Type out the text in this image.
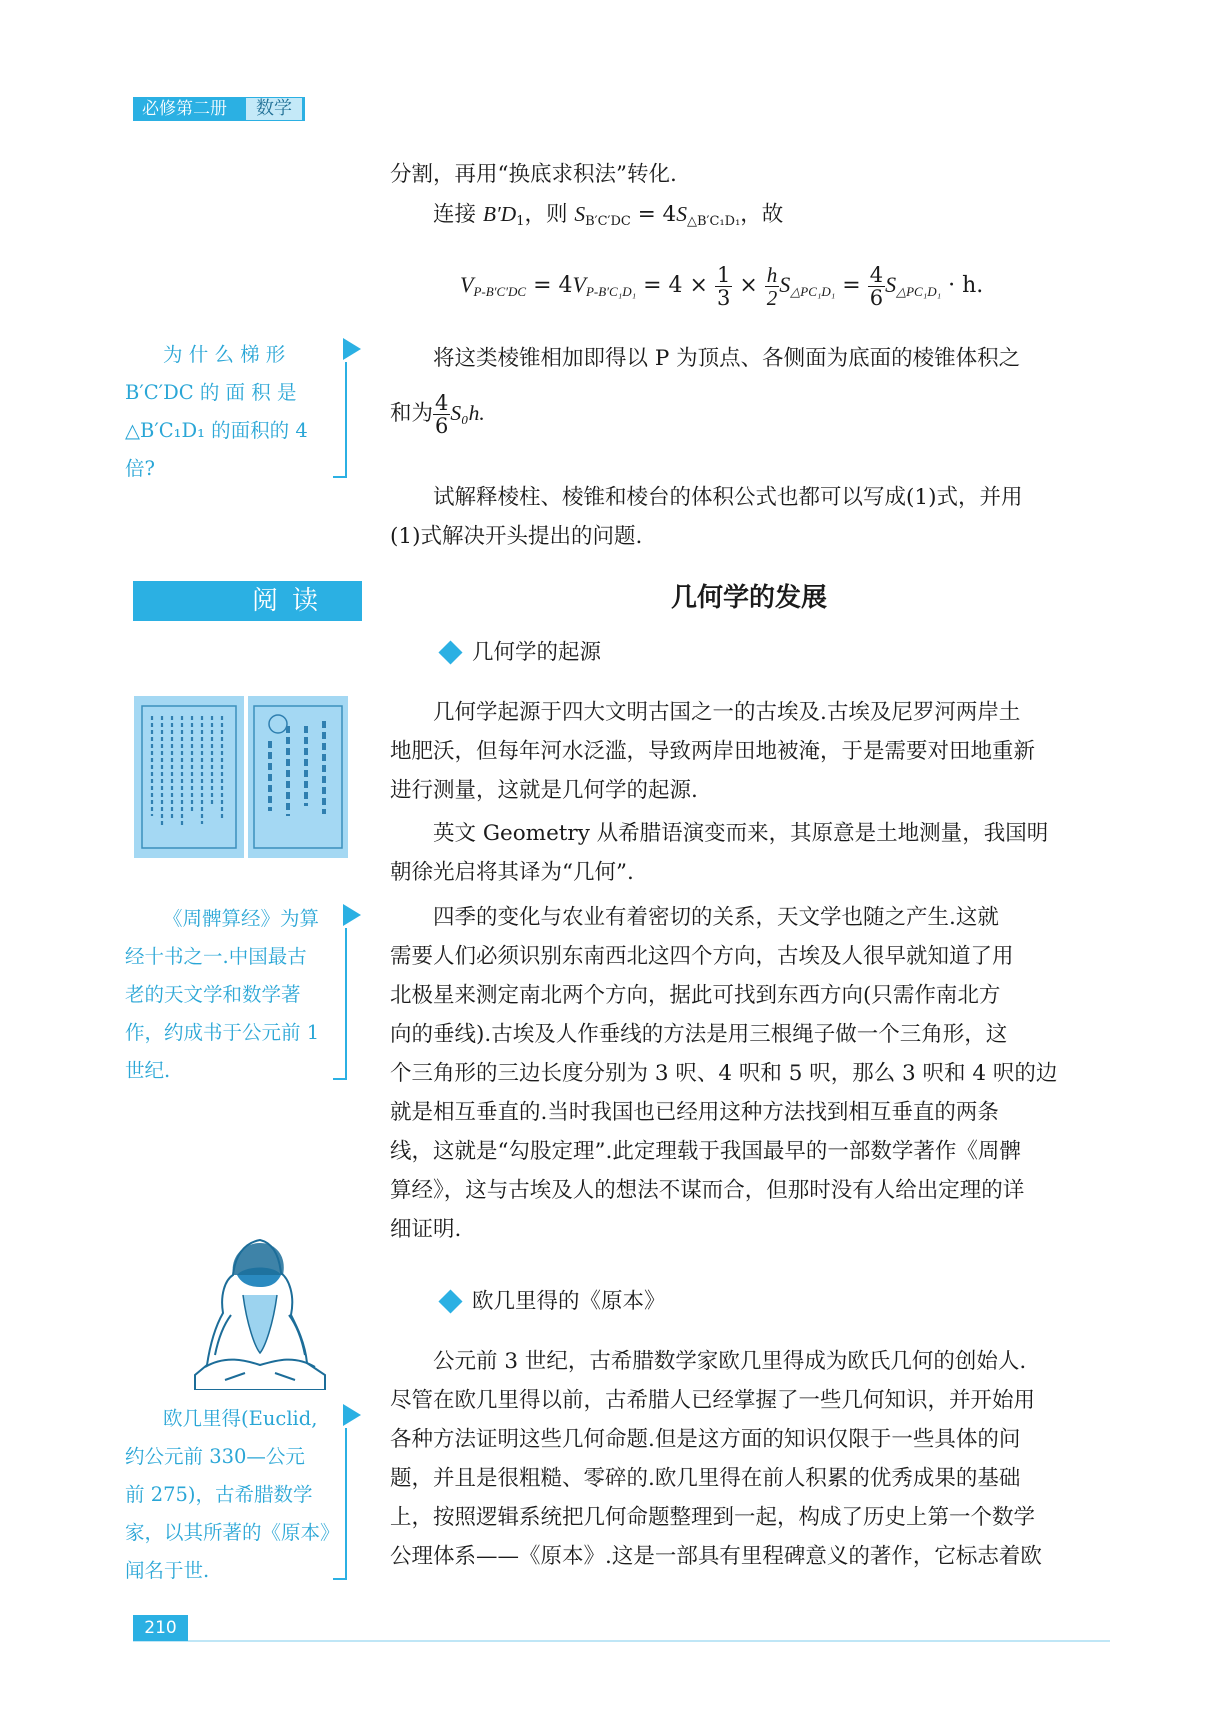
必修第二册	数学
分割，再用“换底求积法”转化.
连接 $B'D_1$，则 $S_{B'C'DC} = 4S_{\triangle B'C_1D_1}$，故
$V_{P-B'C'DC} = 4V_{P-B'C_1D_1} = 4 \times \frac{1}{3} \times \frac{h}{2} S_{\triangle PC_1D_1} = \frac{4}{6} S_{\triangle PC_1D_1} \cdot h$.
将这类棱锥相加即得以 P 为顶点、各侧面为底面的棱锥体积之
和为 $\frac{4}{6} S_0h$.
试解释棱柱、棱锥和棱台的体积公式也都可以写成(1)式，并用
(1)式解决开头提出的问题.
为 什 么 梯 形
B′C′DC 的 面 积 是
△B′C₁D₁ 的面积的 4
倍?
阅读	几何学的发展
几何学的起源
几何学起源于四大文明古国之一的古埃及.古埃及尼罗河两岸土
地肥沃，但每年河水泛滥，导致两岸田地被淹，于是需要对田地重新
进行测量，这就是几何学的起源.
英文 Geometry 从希腊语演变而来，其原意是土地测量，我国明
朝徐光启将其译为“几何”.
四季的变化与农业有着密切的关系，天文学也随之产生.这就
需要人们必须识别东南西北这四个方向，古埃及人很早就知道了用
北极星来测定南北两个方向，据此可找到东西方向(只需作南北方
向的垂线).古埃及人作垂线的方法是用三根绳子做一个三角形，这
个三角形的三边长度分别为 3 呎、4 呎和 5 呎，那么 3 呎和 4 呎的边
就是相互垂直的.当时我国也已经用这种方法找到相互垂直的两条
线，这就是“勾股定理”.此定理载于我国最早的一部数学著作《周髀
算经》，这与古埃及人的想法不谋而合，但那时没有人给出定理的详
细证明.
《周髀算经》为算
经十书之一.中国最古
老的天文学和数学著
作，约成书于公元前 1
世纪.
欧几里得的《原本》
公元前 3 世纪，古希腊数学家欧几里得成为欧氏几何的创始人.
尽管在欧几里得以前，古希腊人已经掌握了一些几何知识，并开始用
各种方法证明这些几何命题.但是这方面的知识仅限于一些具体的问
题，并且是很粗糙、零碎的.欧几里得在前人积累的优秀成果的基础
上，按照逻辑系统把几何命题整理到一起，构成了历史上第一个数学
公理体系——《原本》.这是一部具有里程碑意义的著作，它标志着欧
欧几里得(Euclid,
约公元前 330—公元
前 275)，古希腊数学
家，以其所著的《原本》
闻名于世.
210
